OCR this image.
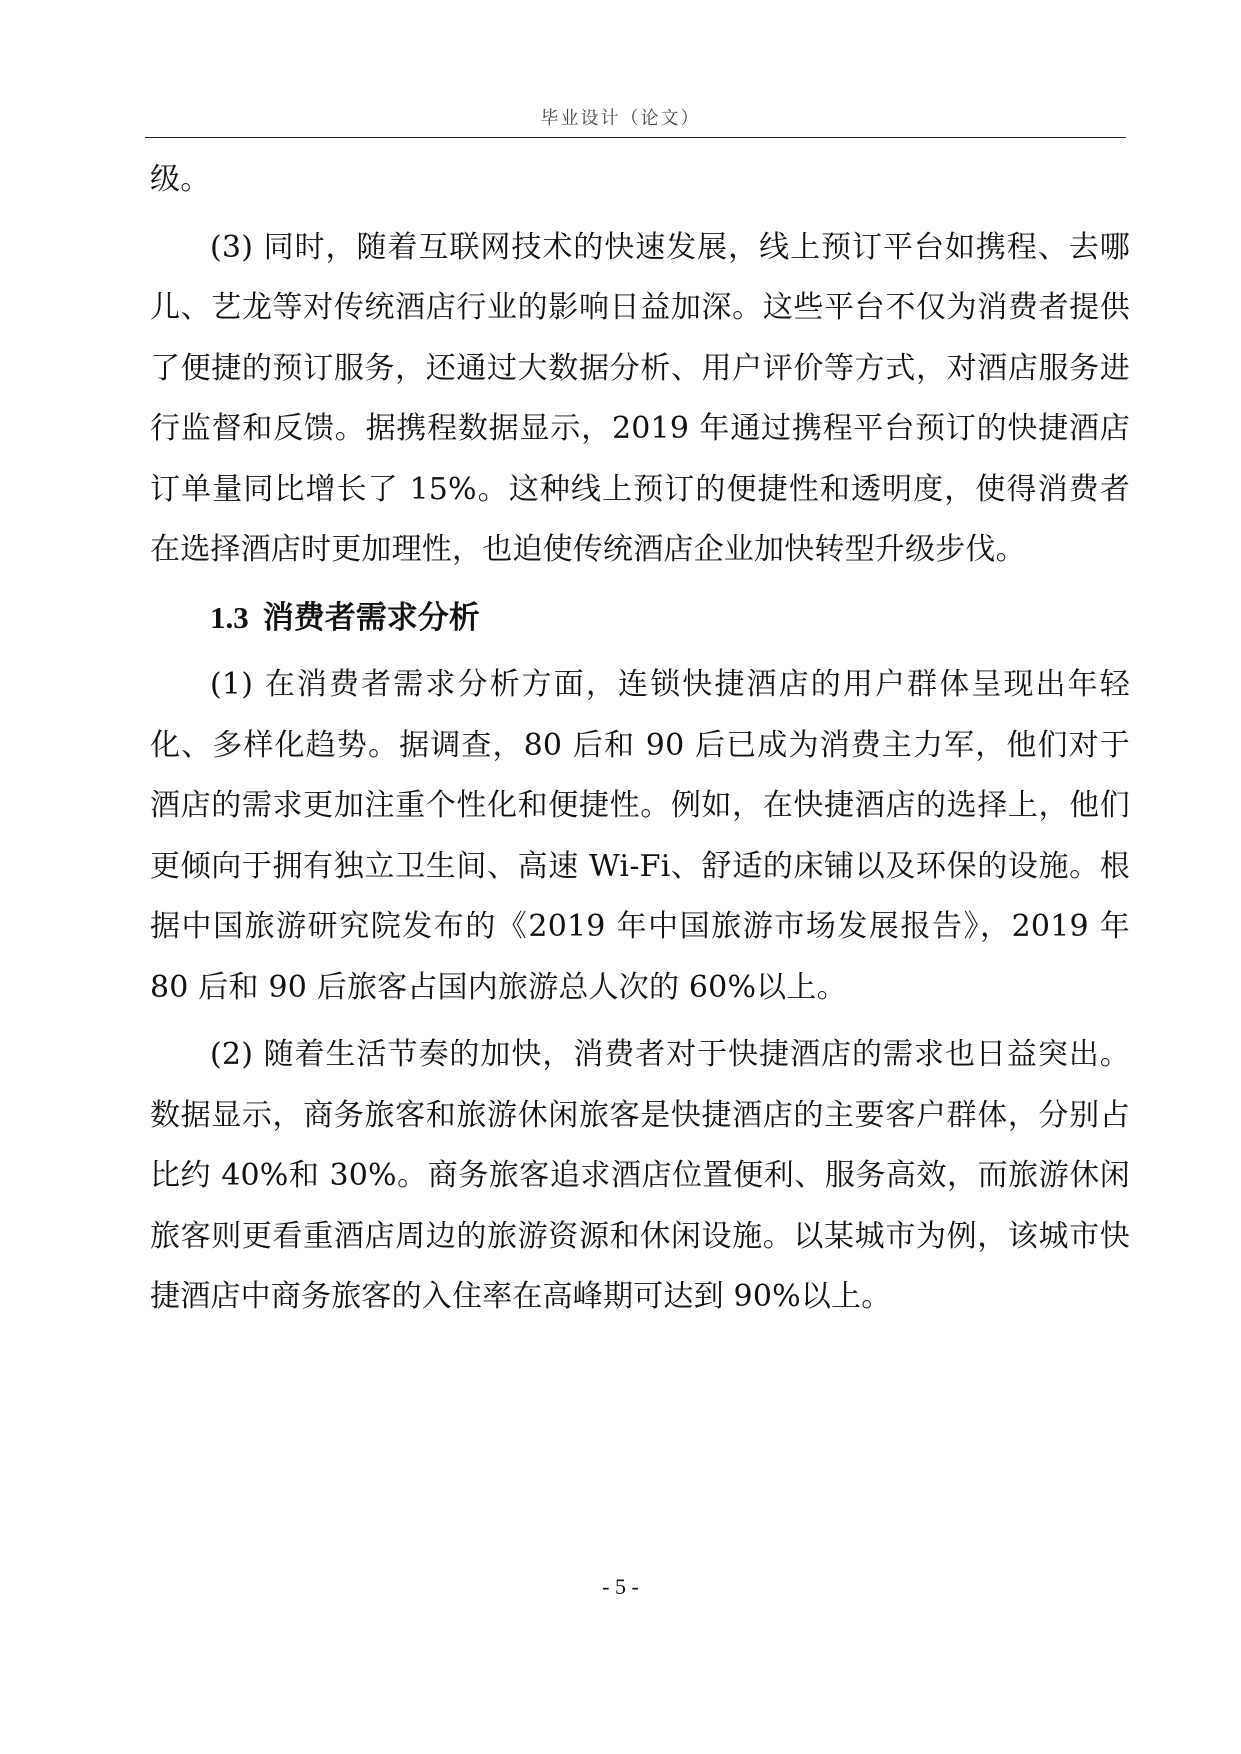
毕业设计（论文）

级。

(3) 同时，随着互联网技术的快速发展，线上预订平台如携程、去哪儿、艺龙等对传统酒店行业的影响日益加深。这些平台不仅为消费者提供了便捷的预订服务，还通过大数据分析、用户评价等方式，对酒店服务进行监督和反馈。据携程数据显示，2019 年通过携程平台预订的快捷酒店订单量同比增长了 15%。这种线上预订的便捷性和透明度，使得消费者在选择酒店时更加理性，也迫使传统酒店企业加快转型升级步伐。

1.3 消费者需求分析

(1) 在消费者需求分析方面，连锁快捷酒店的用户群体呈现出年轻化、多样化趋势。据调查，80 后和 90 后已成为消费主力军，他们对于酒店的需求更加注重个性化和便捷性。例如，在快捷酒店的选择上，他们更倾向于拥有独立卫生间、高速 Wi-Fi、舒适的床铺以及环保的设施。根据中国旅游研究院发布的《2019 年中国旅游市场发展报告》，2019 年 80 后和 90 后旅客占国内旅游总人次的 60%以上。

(2) 随着生活节奏的加快，消费者对于快捷酒店的需求也日益突出。数据显示，商务旅客和旅游休闲旅客是快捷酒店的主要客户群体，分别占比约 40%和 30%。商务旅客追求酒店位置便利、服务高效，而旅游休闲旅客则更看重酒店周边的旅游资源和休闲设施。以某城市为例，该城市快捷酒店中商务旅客的入住率在高峰期可达到 90%以上。

- 5 -
